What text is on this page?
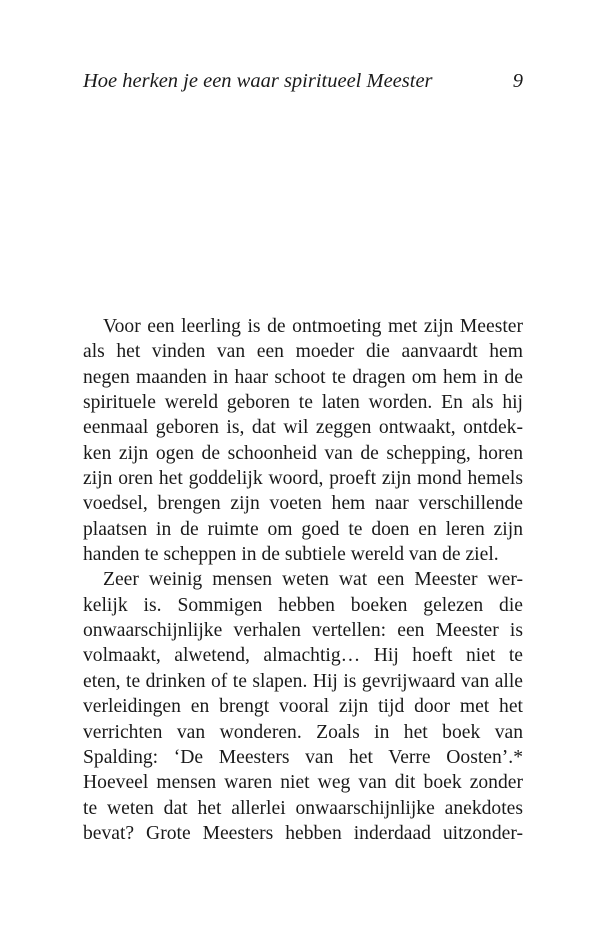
Hoe herken je een waar spiritueel Meester	9
Voor een leerling is de ontmoeting met zijn Meester
als het vinden van een moeder die aanvaardt hem
negen maanden in haar schoot te dragen om hem in de
spirituele wereld geboren te laten worden. En als hij
eenmaal geboren is, dat wil zeggen ontwaakt, ontdek-
ken zijn ogen de schoonheid van de schepping, horen
zijn oren het goddelijk woord, proeft zijn mond hemels
voedsel, brengen zijn voeten hem naar verschillende
plaatsen in de ruimte om goed te doen en leren zijn
handen te scheppen in de subtiele wereld van de ziel.
Zeer weinig mensen weten wat een Meester wer-
kelijk is. Sommigen hebben boeken gelezen die
onwaarschijnlijke verhalen vertellen: een Meester is
volmaakt, alwetend, almachtig… Hij hoeft niet te
eten, te drinken of te slapen. Hij is gevrijwaard van alle
verleidingen en brengt vooral zijn tijd door met het
verrichten van wonderen. Zoals in het boek van
Spalding: ‘De Meesters van het Verre Oosten’.*
Hoeveel mensen waren niet weg van dit boek zonder
te weten dat het allerlei onwaarschijnlijke anekdotes
bevat? Grote Meesters hebben inderdaad uitzonder-
